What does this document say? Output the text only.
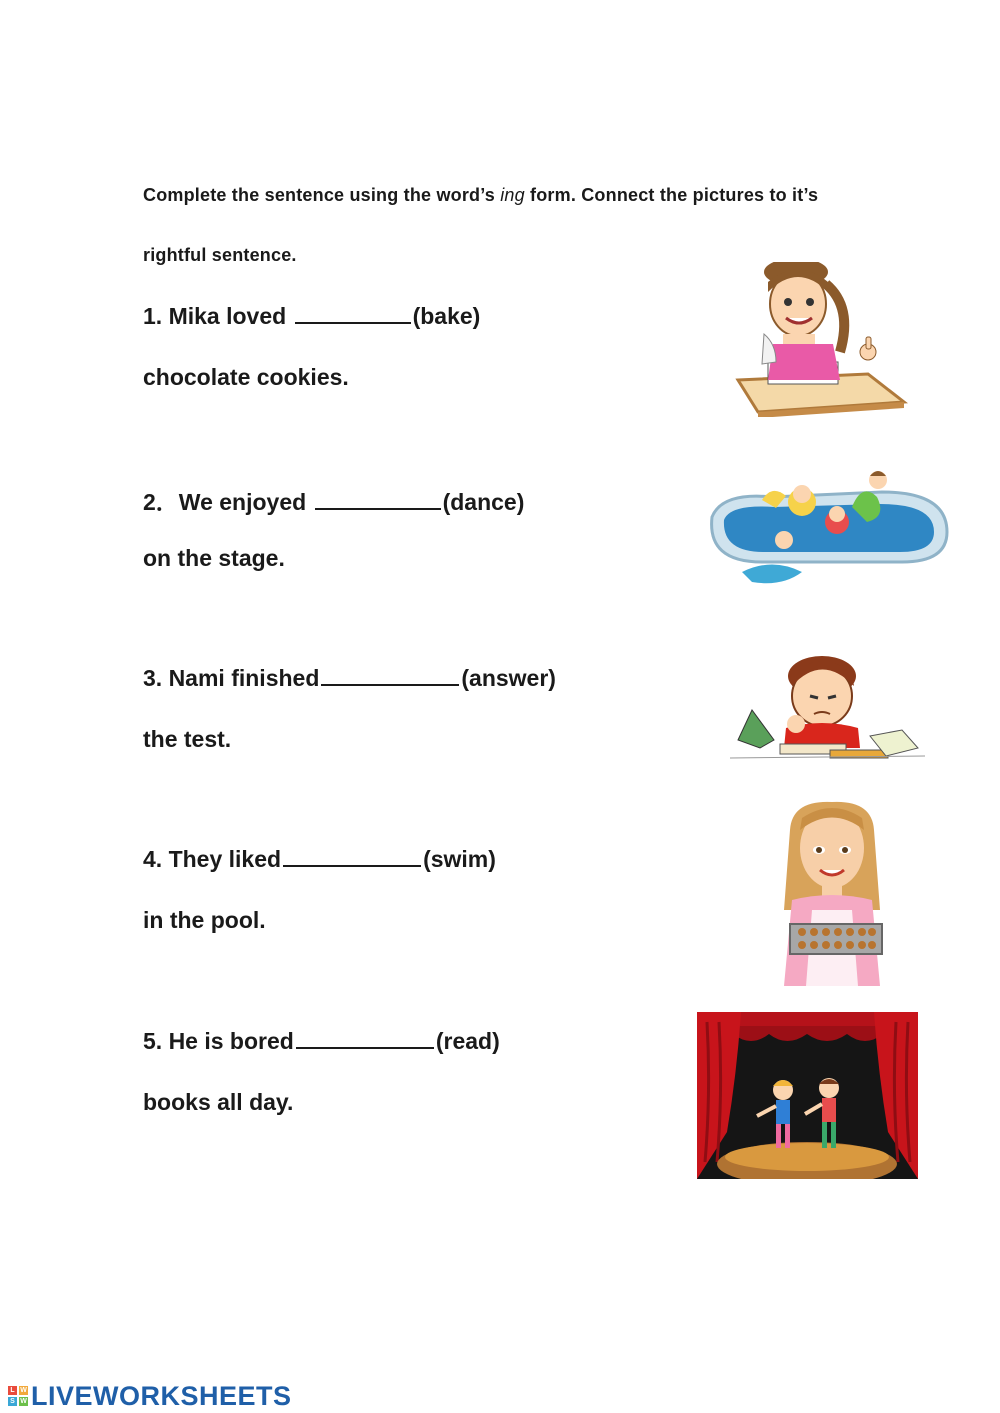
Complete the sentence using the word’s ing form. Connect the pictures to it’s
rightful sentence.
1. Mika loved	(bake)
chocolate cookies.
2．We enjoyed	(dance)
on the stage.
3. Nami finished	(answer)
the test.
4. They liked	(swim)
in the pool.
5. He is bored	(read)
books all day.
L W
S W LIVEWORKSHEETS
